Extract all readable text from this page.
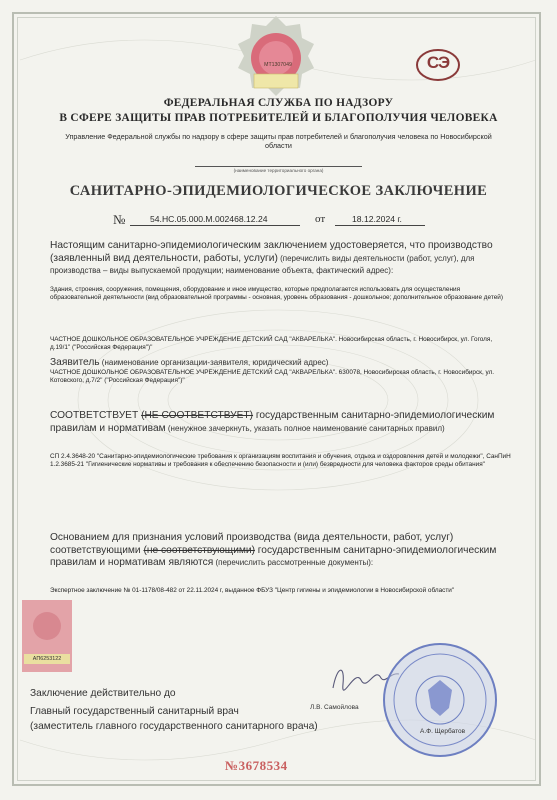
МТ1307049	СЭ
ФЕДЕРАЛЬНАЯ СЛУЖБА ПО НАДЗОРУ
В СФЕРЕ ЗАЩИТЫ ПРАВ ПОТРЕБИТЕЛЕЙ И БЛАГОПОЛУЧИЯ ЧЕЛОВЕКА
Управление Федеральной службы по надзору в сфере защиты прав потребителей и благополучия человека по Новосибирской области
(наименование территориального органа)
САНИТАРНО-ЭПИДЕМИОЛОГИЧЕСКОЕ ЗАКЛЮЧЕНИЕ
№	54.НС.05.000.М.002468.12.24	от	18.12.2024 г.
Настоящим санитарно-эпидемиологическим заключением удостоверяется, что производство (заявленный вид деятельности, работы, услуги) (перечислить виды деятельности (работ, услуг), для производства – виды выпускаемой продукции; наименование объекта, фактический адрес):
Здания, строения, сооружения, помещения, оборудование и иное имущество, которые предполагается использовать для осуществления образовательной деятельности (вид образовательной программы - основная, уровень образования - дошкольное; дополнительное образование детей)
ЧАСТНОЕ ДОШКОЛЬНОЕ ОБРАЗОВАТЕЛЬНОЕ УЧРЕЖДЕНИЕ ДЕТСКИЙ САД "АКВАРЕЛЬКА". Новосибирская область, г. Новосибирск, ул. Гоголя, д.19/1" ("Российская Федерация")"
Заявитель (наименование организации-заявителя, юридический адрес)
ЧАСТНОЕ ДОШКОЛЬНОЕ ОБРАЗОВАТЕЛЬНОЕ УЧРЕЖДЕНИЕ ДЕТСКИЙ САД "АКВАРЕЛЬКА". 630078, Новосибирская область, г. Новосибирск, ул. Котовского, д.7/2" ("Российская Федерация")"
СООТВЕТСТВУЕТ (НЕ СООТВЕТСТВУЕТ) государственным санитарно-эпидемиологическим правилам и нормативам (ненужное зачеркнуть, указать полное наименование санитарных правил)
СП 2.4.3648-20 "Санитарно-эпидемиологические требования к организациям воспитания и обучения, отдыха и оздоровления детей и молодежи", СанПиН 1.2.3685-21 "Гигиенические нормативы и требования к обеспечению безопасности и (или) безвредности для человека факторов среды обитания"
Основанием для признания условий производства (вида деятельности, работ, услуг) соответствующими (не соответствующими) государственным санитарно-эпидемиологическим правилам и нормативам являются (перечислить рассмотренные документы):
Экспертное заключение № 01-1178/08-482 от 22.11.2024 г, выданное ФБУЗ "Центр гигиены и эпидемиологии в Новосибирской области"
АП6253122
Заключение действительно до
Главный государственный санитарный врач
(заместитель главного государственного санитарного врача)
Л.В. Самойлова
А.Ф. Щербатов
№3678534
